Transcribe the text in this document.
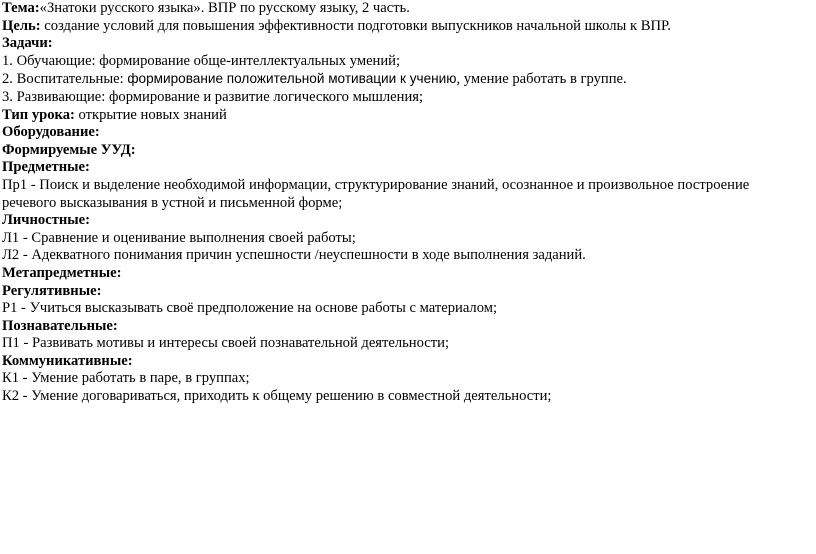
Тема:«Знатоки русского языка». ВПР по русскому языку, 2 часть.
Цель: создание условий для повышения эффективности подготовки выпускников начальной школы к ВПР.
Задачи:
1. Обучающие: формирование обще-интеллектуальных умений;
2. Воспитательные: формирование положительной мотивации к учению, умение работать в группе.
3. Развивающие: формирование и развитие логического мышления;
Тип урока: открытие новых знаний
Оборудование:
Формируемые УУД:
Предметные:
Пр1 - Поиск и выделение необходимой информации, структурирование знаний, осознанное и произвольное построение речевого высказывания в устной и письменной форме;
Личностные:
Л1 - Сравнение и оценивание выполнения своей работы;
Л2 - Адекватного понимания причин успешности /неуспешности в ходе выполнения заданий.
Метапредметные:
Регулятивные:
Р1 - Учиться высказывать своё предположение на основе работы с материалом;
Познавательные:
П1 - Развивать мотивы и интересы своей познавательной деятельности;
Коммуникативные:
К1 - Умение работать в паре, в группах;
К2 - Умение договариваться, приходить к общему решению в совместной деятельности;
